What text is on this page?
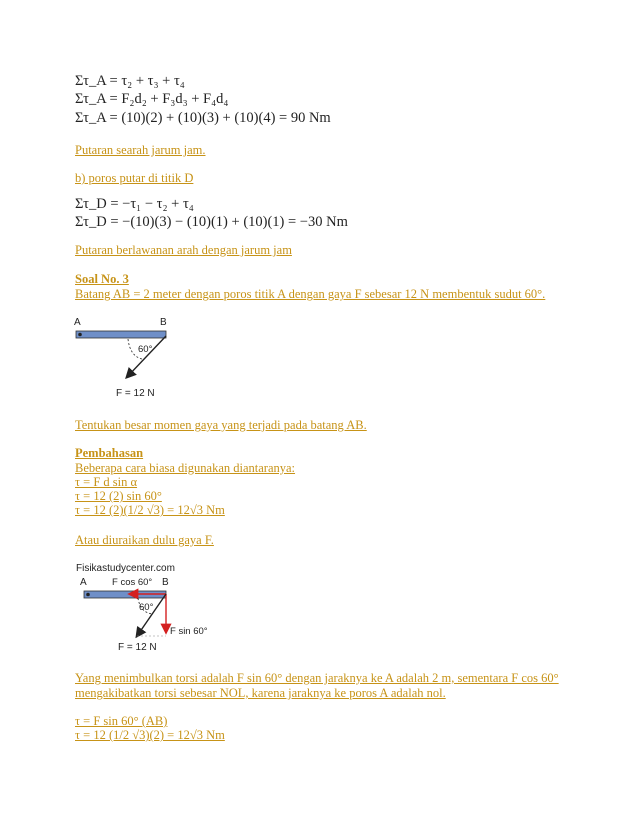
Στ_A = τ₂ + τ₃ + τ₄
Στ_A = F₂d₂ + F₃d₃ + F₄d₄
Στ_A = (10)(2) + (10)(3) + (10)(4) = 90 Nm
Putaran searah jarum jam.
b) poros putar di titik D
Στ_D = −τ₁ − τ₂ + τ₄
Στ_D = −(10)(3) − (10)(1) + (10)(1) = −30 Nm
Putaran berlawanan arah dengan jarum jam
Soal No. 3
Batang AB = 2 meter dengan poros titik A dengan gaya F sebesar 12 N membentuk sudut 60°.
A	B
60°
F = 12 N
Tentukan besar momen gaya yang terjadi pada batang AB.
Pembahasan
Beberapa cara biasa digunakan diantaranya:
τ = F d sin α
τ = 12 (2) sin 60°
τ = 12 (2)(1/2 √3) = 12√3 Nm
Atau diuraikan dulu gaya F.
Fisikastudycenter.com
A	F cos 60° B
60°
F sin 60°
F = 12 N
Yang menimbulkan torsi adalah F sin 60° dengan jaraknya ke A adalah 2 m, sementara F cos 60°
mengakibatkan torsi sebesar NOL, karena jaraknya ke poros A adalah nol.
τ = F sin 60° (AB)
τ = 12 (1/2 √3)(2) = 12√3 Nm
